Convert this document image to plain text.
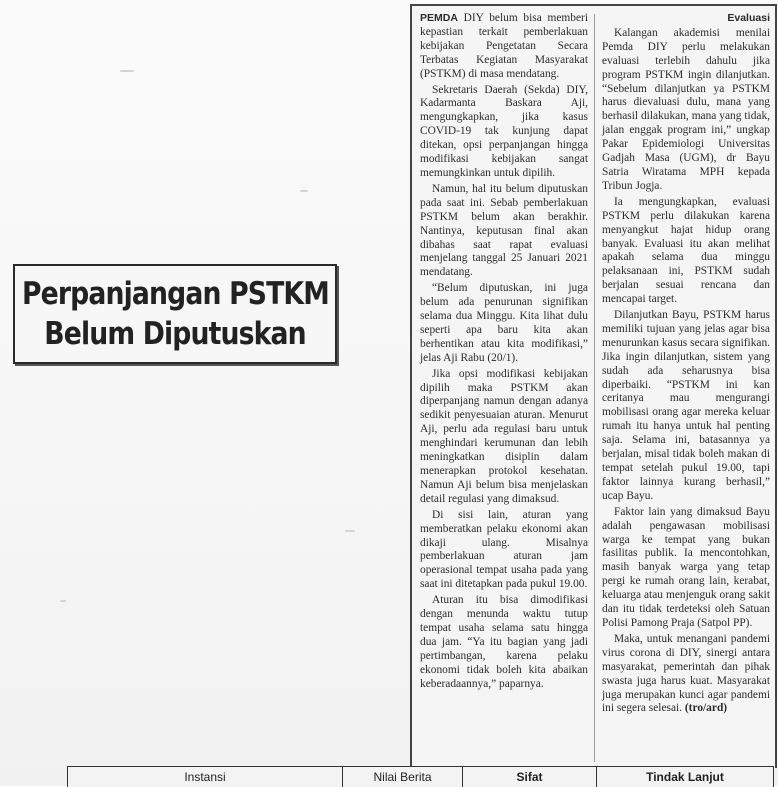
Perpanjangan PSTKM
Belum Diputuskan

PEMDA DIY belum bisa memberi kepastian terkait pemberlakuan kebijakan Pengetatan Secara Terbatas Kegiatan Masyarakat (PSTKM) di masa mendatang.

Sekretaris Daerah (Sekda) DIY, Kadarmanta Baskara Aji, mengungkapkan, jika kasus COVID-19 tak kunjung dapat ditekan, opsi perpanjangan hingga modifikasi kebijakan sangat memungkinkan untuk dipilih.

Namun, hal itu belum diputuskan pada saat ini. Sebab pemberlakuan PSTKM belum akan berakhir. Nantinya, keputusan final akan dibahas saat rapat evaluasi menjelang tanggal 25 Januari 2021 mendatang.

“Belum diputuskan, ini juga belum ada penurunan signifikan selama dua Minggu. Kita lihat dulu seperti apa baru kita akan berhentikan atau kita modifikasi,” jelas Aji Rabu (20/1).

Jika opsi modifikasi kebijakan dipilih maka PSTKM akan diperpanjang namun dengan adanya sedikit penyesuaian aturan. Menurut Aji, perlu ada regulasi baru untuk menghindari kerumunan dan lebih meningkatkan disiplin dalam menerapkan protokol kesehatan. Namun Aji belum bisa menjelaskan detail regulasi yang dimaksud.

Di sisi lain, aturan yang memberatkan pelaku ekonomi akan dikaji ulang. Misalnya pemberlakuan aturan jam operasional tempat usaha pada yang saat ini ditetapkan pada pukul 19.00.

Aturan itu bisa dimodifikasi dengan menunda waktu tutup tempat usaha selama satu hingga dua jam. “Ya itu bagian yang jadi pertimbangan, karena pelaku ekonomi tidak boleh kita abaikan keberadaannya,” paparnya.

Evaluasi

Kalangan akademisi menilai Pemda DIY perlu melakukan evaluasi terlebih dahulu jika program PSTKM ingin dilanjutkan. “Sebelum dilanjutkan ya PSTKM harus dievaluasi dulu, mana yang berhasil dilakukan, mana yang tidak, jalan enggak program ini,” ungkap Pakar Epidemiologi Universitas Gadjah Masa (UGM), dr Bayu Satria Wiratama MPH kepada Tribun Jogja.

Ia mengungkapkan, evaluasi PSTKM perlu dilakukan karena menyangkut hajat hidup orang banyak. Evaluasi itu akan melihat apakah selama dua minggu pelaksanaan ini, PSTKM sudah berjalan sesuai rencana dan mencapai target.

Dilanjutkan Bayu, PSTKM harus memiliki tujuan yang jelas agar bisa menurunkan kasus secara signifikan. Jika ingin dilanjutkan, sistem yang sudah ada seharusnya bisa diperbaiki. “PSTKM ini kan ceritanya mau mengurangi mobilisasi orang agar mereka keluar rumah itu hanya untuk hal penting saja. Selama ini, batasannya ya berjalan, misal tidak boleh makan di tempat setelah pukul 19.00, tapi faktor lainnya kurang berhasil,” ucap Bayu.

Faktor lain yang dimaksud Bayu adalah pengawasan mobilisasi warga ke tempat yang bukan fasilitas publik. Ia mencontohkan, masih banyak warga yang tetap pergi ke rumah orang lain, kerabat, keluarga atau menjenguk orang sakit dan itu tidak terdeteksi oleh Satuan Polisi Pamong Praja (Satpol PP).

Maka, untuk menangani pandemi virus corona di DIY, sinergi antara masyarakat, pemerintah dan pihak swasta juga harus kuat. Masyarakat juga merupakan kunci agar pandemi ini segera selesai. (tro/ard)

Instansi	Nilai Berita	Sifat	Tindak Lanjut
